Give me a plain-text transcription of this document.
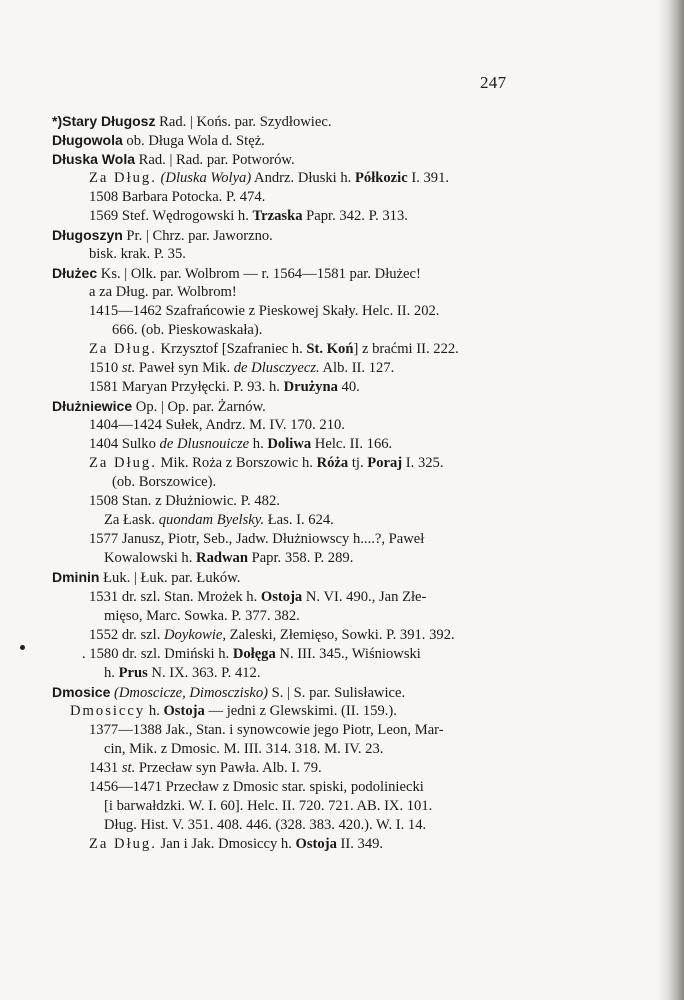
247
*)Stary Długosz Rad. | Końs. par. Szydłowiec.
Długowola ob. Długa Wola d. Stęż.
Dłuska Wola Rad. | Rad. par. Potworów.
Za Dług. (Dluska Wolya) Andrz. Dłuski h. Półkozic I. 391.
1508 Barbara Potocka. P. 474.
1569 Stef. Wędrogowski h. Trzaska Papr. 342. P. 313.
Długoszyn Pr. | Chrz. par. Jaworzno.
bisk. krak. P. 35.
Dłużec Ks. | Olk. par. Wolbrom — r. 1564—1581 par. Dłużec!
a za Dług. par. Wolbrom!
1415—1462 Szafrańcowie z Pieskowej Skały. Helc. II. 202.
666. (ob. Pieskowaskała).
Za Dług. Krzysztof [Szafraniec h. St. Koń] z braćmi II. 222.
1510 st. Paweł syn Mik. de Dlusczyecz. Alb. II. 127.
1581 Maryan Przyłęcki. P. 93. h. Drużyna 40.
Dłużniewice Op. | Op. par. Żarnów.
1404—1424 Sułek, Andrz. M. IV. 170. 210.
1404 Sulko de Dlusnouicze h. Doliwa Helc. II. 166.
Za Dług. Mik. Roża z Borszowic h. Róża tj. Poraj I. 325.
(ob. Borszowice).
1508 Stan. z Dłużniowic. P. 482.
Za Łask. quondam Byelsky. Łas. I. 624.
1577 Janusz, Piotr, Seb., Jadw. Dłużniowscy h....?, Paweł
Kowalowski h. Radwan Papr. 358. P. 289.
Dminin Łuk. | Łuk. par. Łuków.
1531 dr. szl. Stan. Mrożek h. Ostoja N. VI. 490., Jan Złe-
mięso, Marc. Sowka. P. 377. 382.
1552 dr. szl. Doykowie, Zaleski, Złemięso, Sowki. P. 391. 392.
. 1580 dr. szl. Dmiński h. Dołęga N. III. 345., Wiśniowski
h. Prus N. IX. 363. P. 412.
Dmosice (Dmoscicze, Dimosczisko) S. | S. par. Sulisławice.
Dmosiccy h. Ostoja — jedni z Glewskimi. (II. 159.).
1377—1388 Jak., Stan. i synowcowie jego Piotr, Leon, Mar-
cin, Mik. z Dmosic. M. III. 314. 318. M. IV. 23.
1431 st. Przecław syn Pawła. Alb. I. 79.
1456—1471 Przecław z Dmosic star. spiski, podoliniecki
[i barwałdzki. W. I. 60]. Helc. II. 720. 721. AB. IX. 101.
Dług. Hist. V. 351. 408. 446. (328. 383. 420.). W. I. 14.
Za Dług. Jan i Jak. Dmosiccy h. Ostoja II. 349.
